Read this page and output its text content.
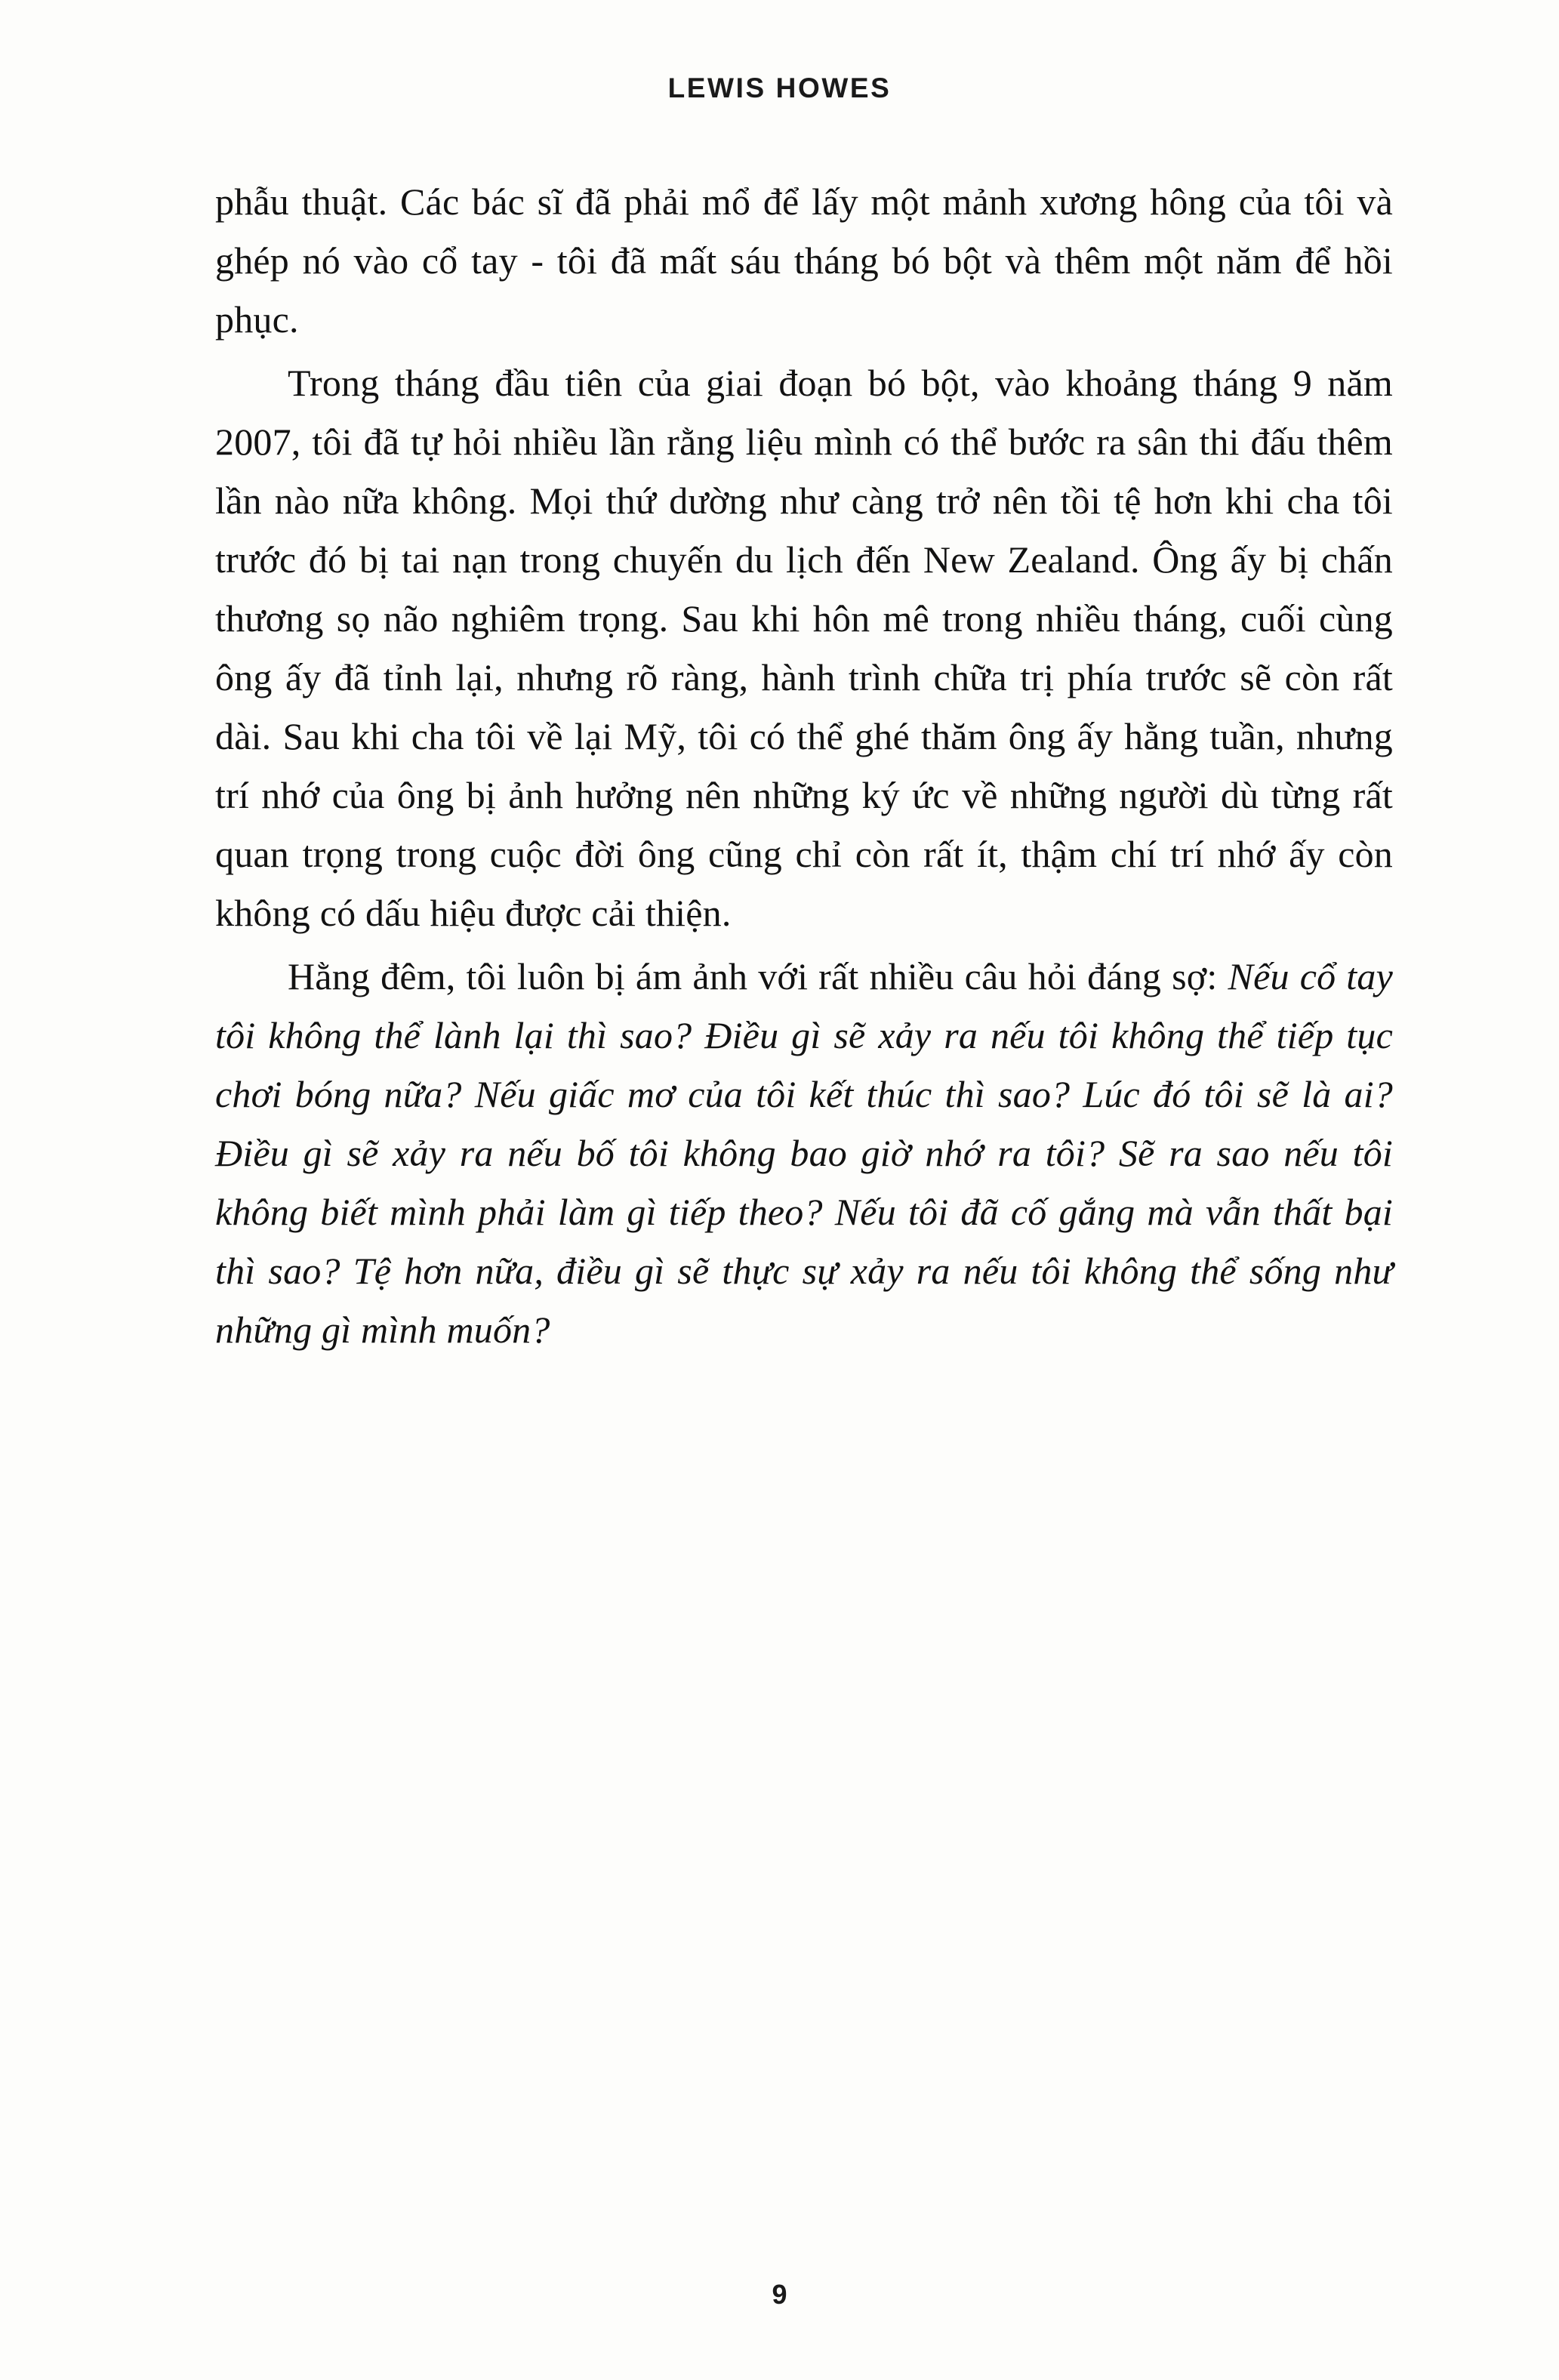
LEWIS HOWES

phẫu thuật. Các bác sĩ đã phải mổ để lấy một mảnh xương hông của tôi và ghép nó vào cổ tay - tôi đã mất sáu tháng bó bột và thêm một năm để hồi phục.

Trong tháng đầu tiên của giai đoạn bó bột, vào khoảng tháng 9 năm 2007, tôi đã tự hỏi nhiều lần rằng liệu mình có thể bước ra sân thi đấu thêm lần nào nữa không. Mọi thứ dường như càng trở nên tồi tệ hơn khi cha tôi trước đó bị tai nạn trong chuyến du lịch đến New Zealand. Ông ấy bị chấn thương sọ não nghiêm trọng. Sau khi hôn mê trong nhiều tháng, cuối cùng ông ấy đã tỉnh lại, nhưng rõ ràng, hành trình chữa trị phía trước sẽ còn rất dài. Sau khi cha tôi về lại Mỹ, tôi có thể ghé thăm ông ấy hằng tuần, nhưng trí nhớ của ông bị ảnh hưởng nên những ký ức về những người dù từng rất quan trọng trong cuộc đời ông cũng chỉ còn rất ít, thậm chí trí nhớ ấy còn không có dấu hiệu được cải thiện.

Hằng đêm, tôi luôn bị ám ảnh với rất nhiều câu hỏi đáng sợ: Nếu cổ tay tôi không thể lành lại thì sao? Điều gì sẽ xảy ra nếu tôi không thể tiếp tục chơi bóng nữa? Nếu giấc mơ của tôi kết thúc thì sao? Lúc đó tôi sẽ là ai? Điều gì sẽ xảy ra nếu bố tôi không bao giờ nhớ ra tôi? Sẽ ra sao nếu tôi không biết mình phải làm gì tiếp theo? Nếu tôi đã cố gắng mà vẫn thất bại thì sao? Tệ hơn nữa, điều gì sẽ thực sự xảy ra nếu tôi không thể sống như những gì mình muốn?

9
